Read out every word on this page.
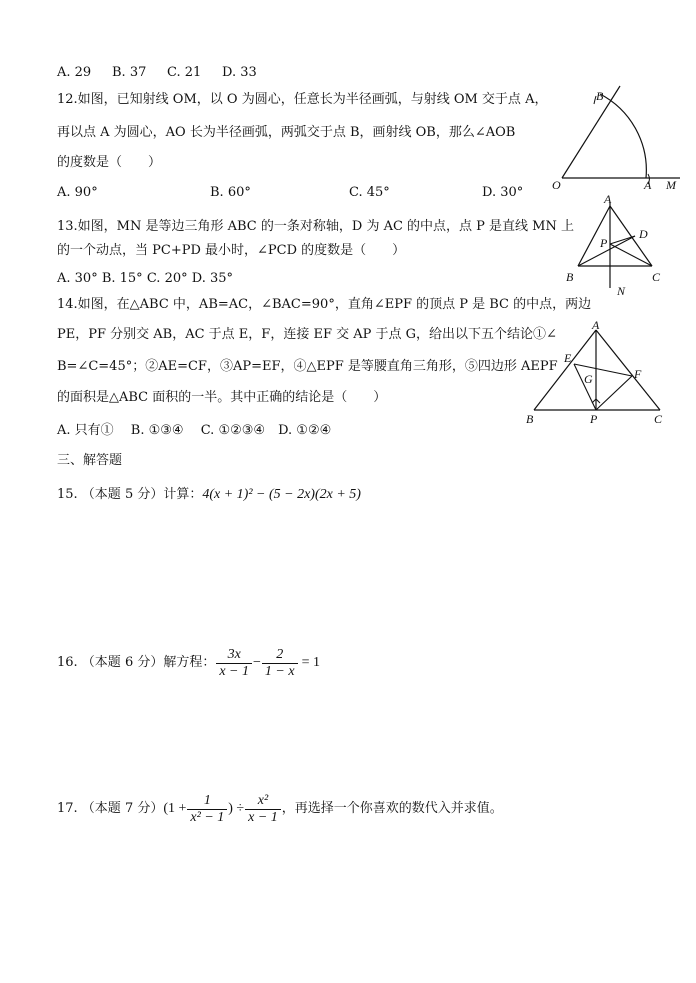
A. 29 B. 37 C. 21 D. 33
12.如图，已知射线 OM，以 O 为圆心，任意长为半径画弧，与射线 OM 交于点 A，
再以点 A 为圆心，AO 长为半径画弧，两弧交于点 B，画射线 OB，那么∠AOB
的度数是（　　）
A. 90°	B. 60°	C. 45°	D. 30°
B
O	A M
13.如图，MN 是等边三角形 ABC 的一条对称轴，D 为 AC 的中点，点 P 是直线 MN 上
的一个动点，当 PC+PD 最小时，∠PCD 的度数是（　　）
A. 30° B. 15° C. 20° D. 35°
A
D
P
B	C
N
14.如图，在△ABC 中，AB=AC，∠BAC=90°，直角∠EPF 的顶点 P 是 BC 的中点，两边
PE，PF 分别交 AB，AC 于点 E，F，连接 EF 交 AP 于点 G，给出以下五个结论①∠
B=∠C=45°；②AE=CF，③AP=EF，④△EPF 是等腰直角三角形，⑤四边形 AEPF
的面积是△ABC 面积的一半。其中正确的结论是（　　）
A. 只有①　 B. ①③④　 C. ①②③④　D. ①②④
A
E
G	F
B	P	C
三、解答题
15. （本题 5 分）计算：4(x + 1)² − (5 − 2x)(2x + 5)
16. （本题 6 分）解方程： $\frac{3x}{x - 1} - \frac{2}{1 - x} = 1$
17. （本题 7 分） ($1 + \frac{1}{\text{x² − 1}}$ ) ÷ $\frac{\text{x²}}{x - 1}$ ，再选择一个你喜欢的数代入并求值。
